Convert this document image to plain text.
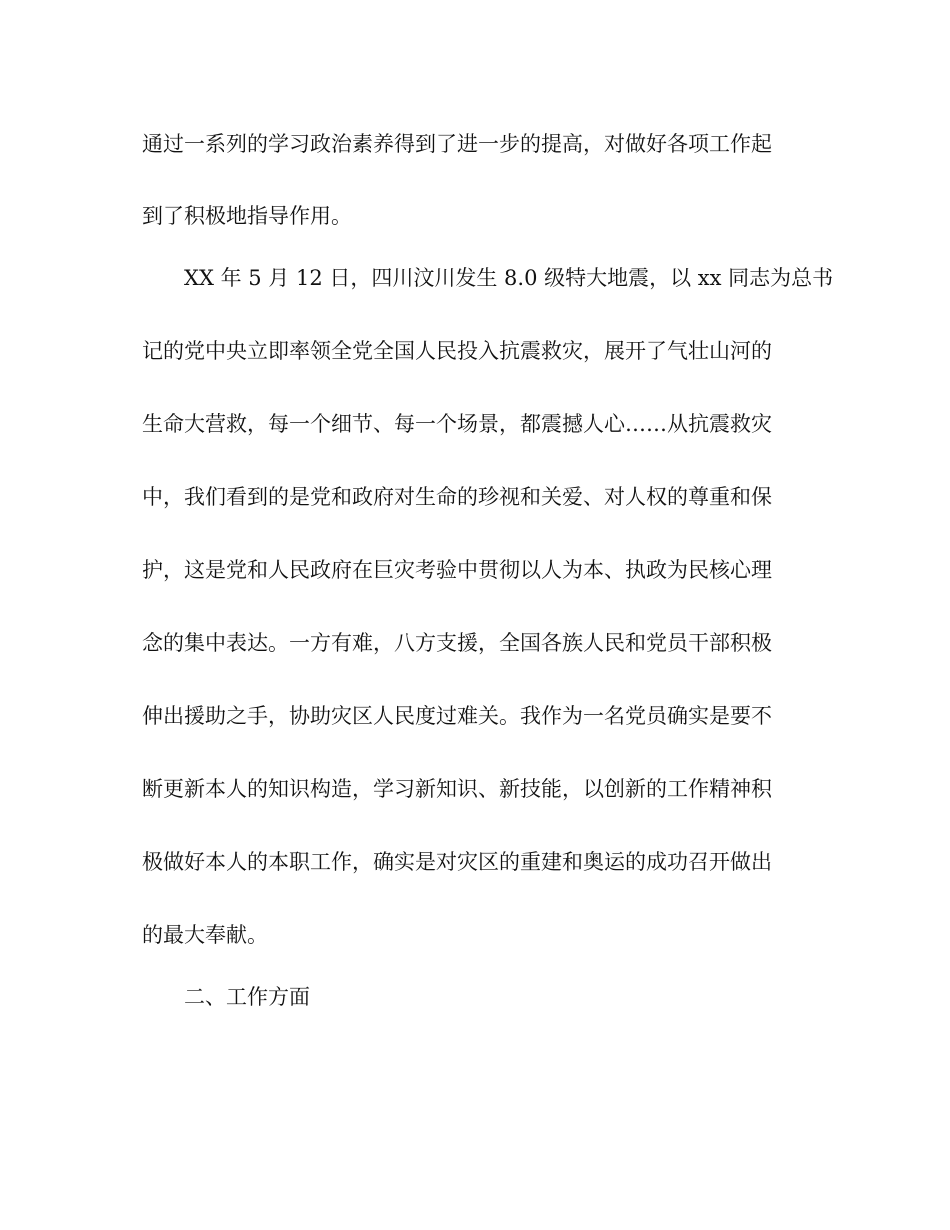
通过一系列的学习政治素养得到了进一步的提高，对做好各项工作起
到了积极地指导作用。
XX 年 5 月 12 日，四川汶川发生 8.0 级特大地震，以 xx 同志为总书
记的党中央立即率领全党全国人民投入抗震救灾，展开了气壮山河的
生命大营救，每一个细节、每一个场景，都震撼人心……从抗震救灾
中，我们看到的是党和政府对生命的珍视和关爱、对人权的尊重和保
护，这是党和人民政府在巨灾考验中贯彻以人为本、执政为民核心理
念的集中表达。一方有难，八方支援，全国各族人民和党员干部积极
伸出援助之手，协助灾区人民度过难关。我作为一名党员确实是要不
断更新本人的知识构造，学习新知识、新技能，以创新的工作精神积
极做好本人的本职工作，确实是对灾区的重建和奥运的成功召开做出
的最大奉献。
二、工作方面
